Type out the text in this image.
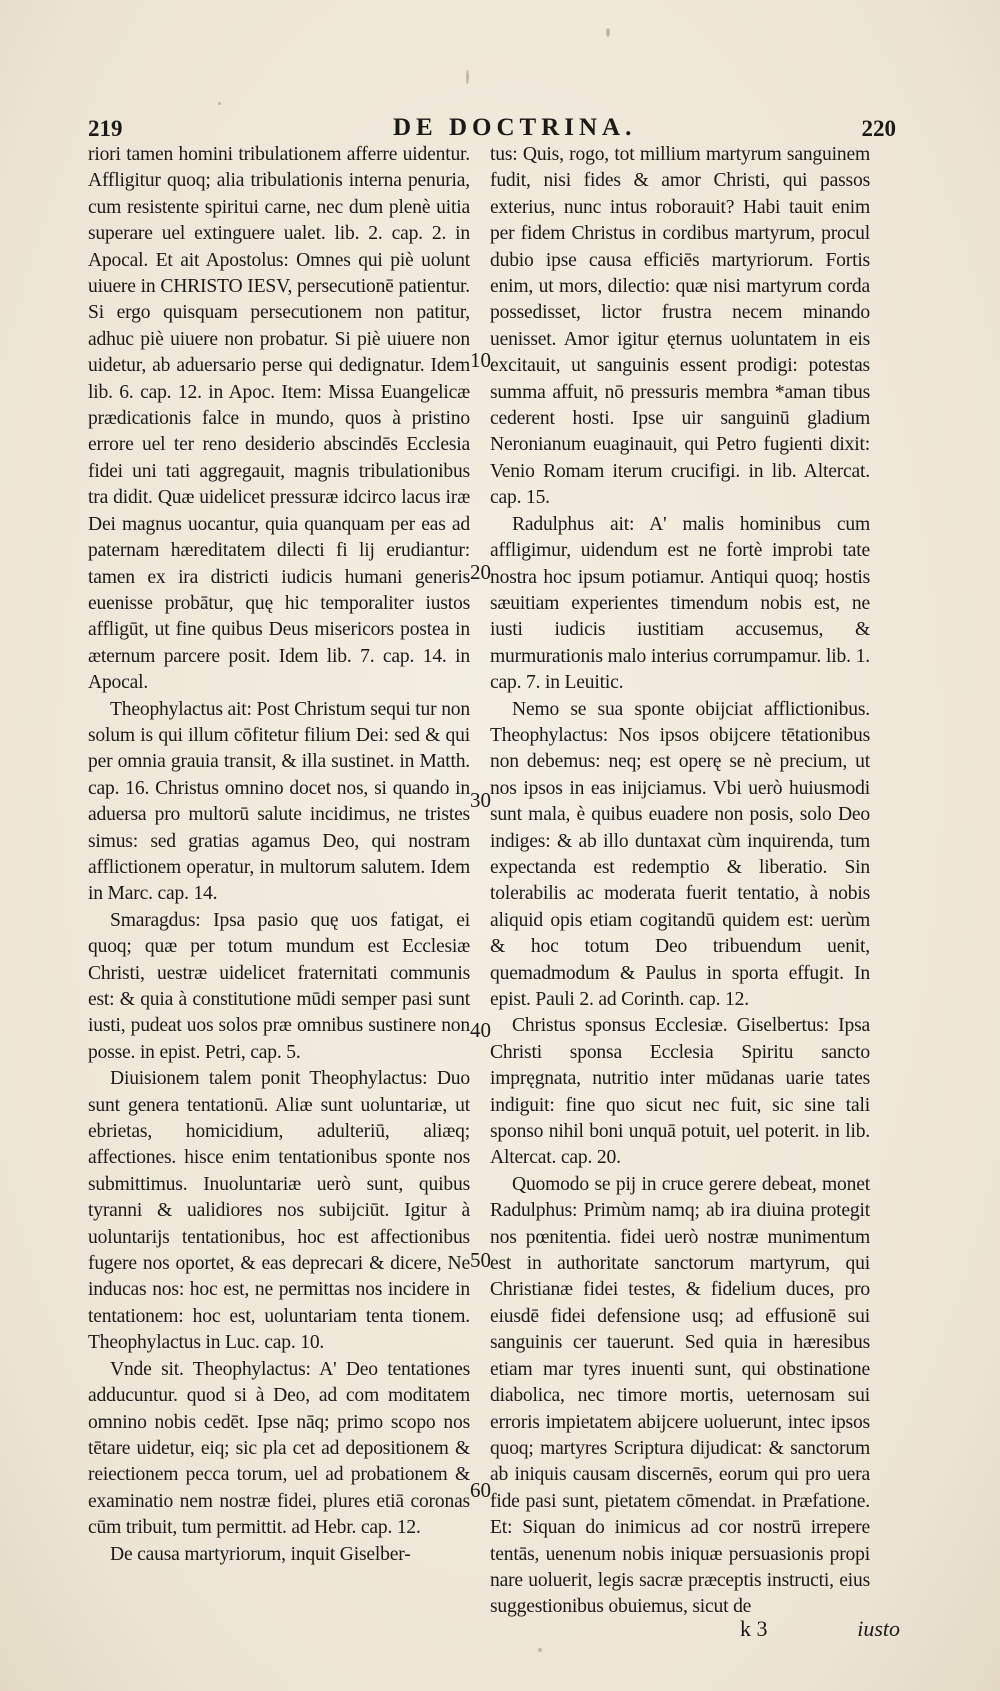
219	DE DOCTRINA.	220

riori tamen homini tribulationem afferre uidentur. Affligitur quoq; alia tribulationis interna penuria, cum resistente spiritui carne, nec dum plenè uitia superare uel extinguere ualet. lib. 2. cap. 2. in Apocal. Et ait Apostolus: Omnes qui piè uolunt uiuere in CHRISTO IESV, persecutionē patientur. Si ergo quisquam persecutionem non patitur, adhuc piè uiuere non probatur. Si piè uiuere non uidetur, ab aduersario perse qui dedignatur. Idem lib. 6. cap. 12. in Apoc. Item: Missa Euangelicæ prædicationis falce in mundo, quos à pristino errore uel ter reno desiderio abscindēs Ecclesia fidei uni tati aggregauit, magnis tribulationibus tra didit. Quæ uidelicet pressuræ idcirco lacus iræ Dei magnus uocantur, quia quanquam per eas ad paternam hæreditatem dilecti fi lij erudiantur: tamen ex ira districti iudicis humani generis euenisse probātur, quę hic temporaliter iustos affligūt, ut fine quibus Deus misericors postea in æternum parcere posit. Idem lib. 7. cap. 14. in Apocal.

Theophylactus ait: Post Christum sequi tur non solum is qui illum cōfitetur filium Dei: sed & qui per omnia grauia transit, & illa sustinet. in Matth. cap. 16. Christus omnino docet nos, si quando in aduersa pro multorū salute incidimus, ne tristes simus: sed gratias agamus Deo, qui nostram afflictionem operatur, in multorum salutem. Idem in Marc. cap. 14.

Smaragdus: Ipsa pasio quę uos fatigat, ei quoq; quæ per totum mundum est Ecclesiæ Christi, uestræ uidelicet fraternitati communis est: & quia à constitutione mūdi semper pasi sunt iusti, pudeat uos solos præ omnibus sustinere non posse. in epist. Petri, cap. 5.

Diuisionem talem ponit Theophylactus: Duo sunt genera tentationū. Aliæ sunt uoluntariæ, ut ebrietas, homicidium, adulteriū, aliæq; affectiones. hisce enim tentationibus sponte nos submittimus. Inuoluntariæ uerò sunt, quibus tyranni & ualidiores nos subijciūt. Igitur à uoluntarijs tentationibus, hoc est affectionibus fugere nos oportet, & eas deprecari & dicere, Ne inducas nos: hoc est, ne permittas nos incidere in tentationem: hoc est, uoluntariam tenta tionem. Theophylactus in Luc. cap. 10.

Vnde sit. Theophylactus: A' Deo tentationes adducuntur. quod si à Deo, ad com moditatem omnino nobis cedēt. Ipse nāq; primo scopo nos tētare uidetur, eiq; sic pla cet ad depositionem & reiectionem pecca torum, uel ad probationem & examinatio nem nostræ fidei, plures etiā coronas cūm tribuit, tum permittit. ad Hebr. cap. 12.

De causa martyriorum, inquit Giselber-

10
20
30
40
50
60

tus: Quis, rogo, tot millium martyrum sanguinem fudit, nisi fides & amor Christi, qui passos exterius, nunc intus roborauit? Habi tauit enim per fidem Christus in cordibus martyrum, procul dubio ipse causa efficiēs martyriorum. Fortis enim, ut mors, dilectio: quæ nisi martyrum corda possedisset, lictor frustra necem minando uenisset. Amor igitur ęternus uoluntatem in eis excitauit, ut sanguinis essent prodigi: potestas summa affuit, nō pressuris membra *aman tibus cederent hosti. Ipse uir sanguinū gladium Neronianum euaginauit, qui Petro fugienti dixit: Venio Romam iterum crucifigi. in lib. Altercat. cap. 15.

Radulphus ait: A' malis hominibus cum affligimur, uidendum est ne fortè improbi tate nostra hoc ipsum potiamur. Antiqui quoq; hostis sæuitiam experientes timendum nobis est, ne iusti iudicis iustitiam accusemus, & murmurationis malo interius corrumpamur. lib. 1. cap. 7. in Leuitic.

Nemo se sua sponte obijciat afflictionibus. Theophylactus: Nos ipsos obijcere tētationibus non debemus: neq; est operę se nè precium, ut nos ipsos in eas inijciamus. Vbi uerò huiusmodi sunt mala, è quibus euadere non posis, solo Deo indiges: & ab illo duntaxat cùm inquirenda, tum expectanda est redemptio & liberatio. Sin tolerabilis ac moderata fuerit tentatio, à nobis aliquid opis etiam cogitandū quidem est: uerùm & hoc totum Deo tribuendum uenit, quemadmodum & Paulus in sporta effugit. In epist. Pauli 2. ad Corinth. cap. 12.

Christus sponsus Ecclesiæ. Giselbertus: Ipsa Christi sponsa Ecclesia Spiritu sancto impręgnata, nutritio inter mūdanas uarie tates indiguit: fine quo sicut nec fuit, sic sine tali sponso nihil boni unquā potuit, uel poterit. in lib. Altercat. cap. 20.

Quomodo se pij in cruce gerere debeat, monet Radulphus: Primùm namq; ab ira diuina protegit nos pœnitentia. fidei uerò nostræ munimentum est in authoritate sanctorum martyrum, qui Christianæ fidei testes, & fidelium duces, pro eiusdē fidei defensione usq; ad effusionē sui sanguinis cer tauerunt. Sed quia in hæresibus etiam mar tyres inuenti sunt, qui obstinatione diabolica, nec timore mortis, ueternosam sui erroris impietatem abijcere uoluerunt, intec ipsos quoq; martyres Scriptura dijudicat: & sanctorum ab iniquis causam discernēs, eorum qui pro uera fide pasi sunt, pietatem cōmendat. in Præfatione. Et: Siquan do inimicus ad cor nostrū irrepere tentās, uenenum nobis iniquæ persuasionis propi nare uoluerit, legis sacræ præceptis instructi, eius suggestionibus obuiemus, sicut de

k 3	iusto
